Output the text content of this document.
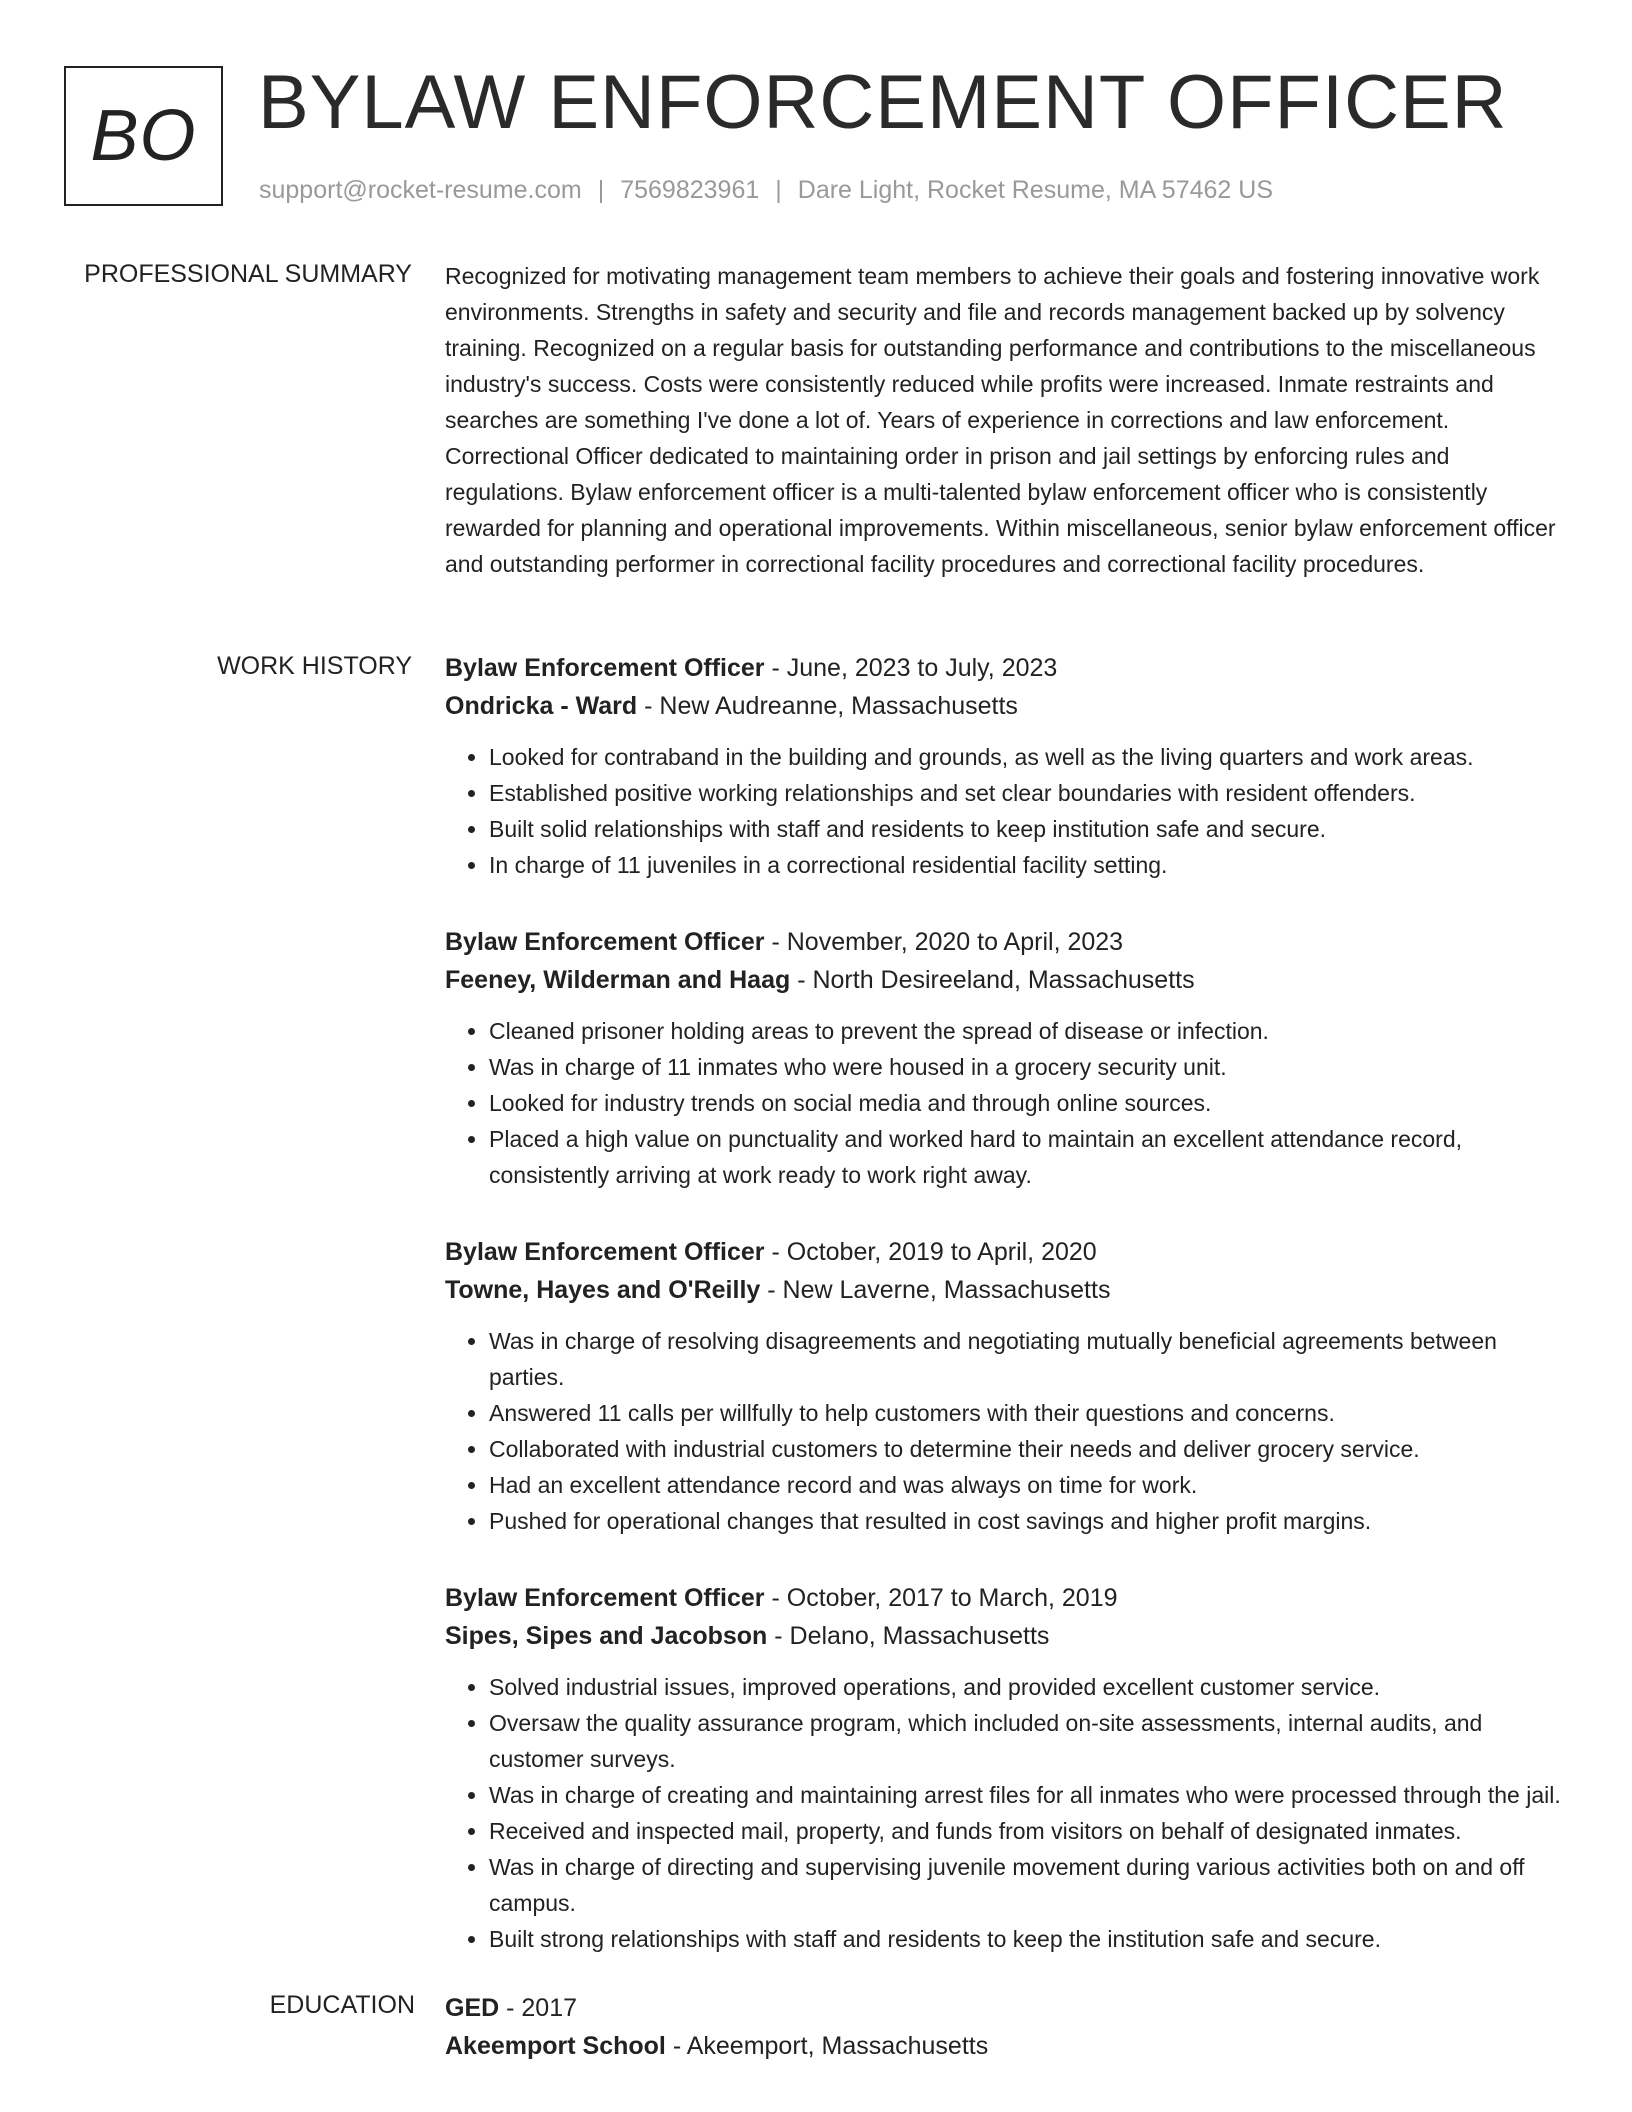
BO BYLAW ENFORCEMENT OFFICER
support@rocket-resume.com | 7569823961 | Dare Light, Rocket Resume, MA 57462 US
PROFESSIONAL SUMMARY Recognized for motivating management team members to achieve their goals and fostering innovative work environments. Strengths in safety and security and file and records management backed up by solvency training. Recognized on a regular basis for outstanding performance and contributions to the miscellaneous industry's success. Costs were consistently reduced while profits were increased. Inmate restraints and searches are something I've done a lot of. Years of experience in corrections and law enforcement. Correctional Officer dedicated to maintaining order in prison and jail settings by enforcing rules and regulations. Bylaw enforcement officer is a multi-talented bylaw enforcement officer who is consistently rewarded for planning and operational improvements. Within miscellaneous, senior bylaw enforcement officer and outstanding performer in correctional facility procedures and correctional facility procedures.

WORK HISTORY Bylaw Enforcement Officer - June, 2023 to July, 2023
Ondricka - Ward - New Audreanne, Massachusetts
• Looked for contraband in the building and grounds, as well as the living quarters and work areas.
• Established positive working relationships and set clear boundaries with resident offenders.
• Built solid relationships with staff and residents to keep institution safe and secure.
• In charge of 11 juveniles in a correctional residential facility setting.
Bylaw Enforcement Officer - November, 2020 to April, 2023
Feeney, Wilderman and Haag - North Desireeland, Massachusetts
• Cleaned prisoner holding areas to prevent the spread of disease or infection.
• Was in charge of 11 inmates who were housed in a grocery security unit.
• Looked for industry trends on social media and through online sources.
• Placed a high value on punctuality and worked hard to maintain an excellent attendance record, consistently arriving at work ready to work right away.
Bylaw Enforcement Officer - October, 2019 to April, 2020
Towne, Hayes and O'Reilly - New Laverne, Massachusetts
• Was in charge of resolving disagreements and negotiating mutually beneficial agreements between parties.
• Answered 11 calls per willfully to help customers with their questions and concerns.
• Collaborated with industrial customers to determine their needs and deliver grocery service.
• Had an excellent attendance record and was always on time for work.
• Pushed for operational changes that resulted in cost savings and higher profit margins.
Bylaw Enforcement Officer - October, 2017 to March, 2019
Sipes, Sipes and Jacobson - Delano, Massachusetts
• Solved industrial issues, improved operations, and provided excellent customer service.
• Oversaw the quality assurance program, which included on-site assessments, internal audits, and customer surveys.
• Was in charge of creating and maintaining arrest files for all inmates who were processed through the jail.
• Received and inspected mail, property, and funds from visitors on behalf of designated inmates.
• Was in charge of directing and supervising juvenile movement during various activities both on and off campus.
• Built strong relationships with staff and residents to keep the institution safe and secure.
EDUCATION GED - 2017
Akeemport School - Akeemport, Massachusetts
